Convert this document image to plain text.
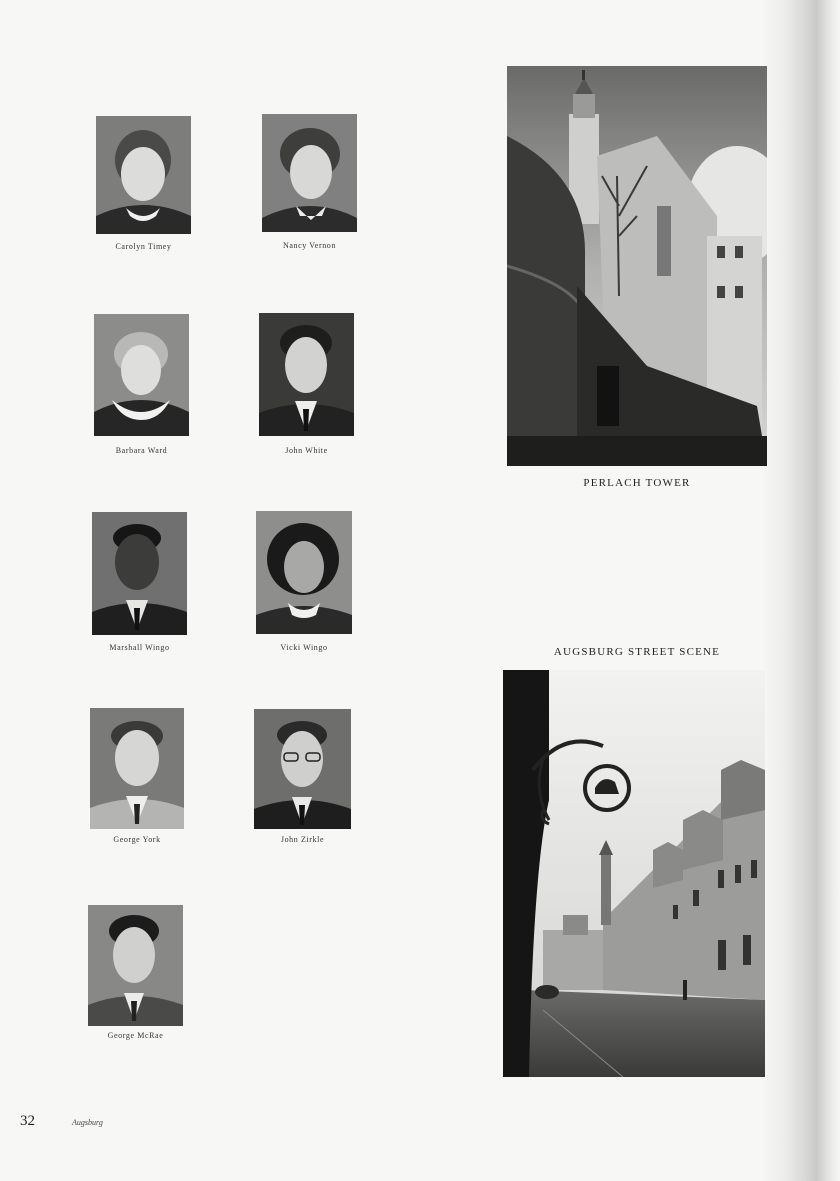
Carolyn Timey	Nancy Vernon
Barbara Ward	John White
Marshall Wingo	Vicki Wingo
George York	John Zirkle
George McRae
PERLACH TOWER
AUGSBURG STREET SCENE
32	Augsburg
